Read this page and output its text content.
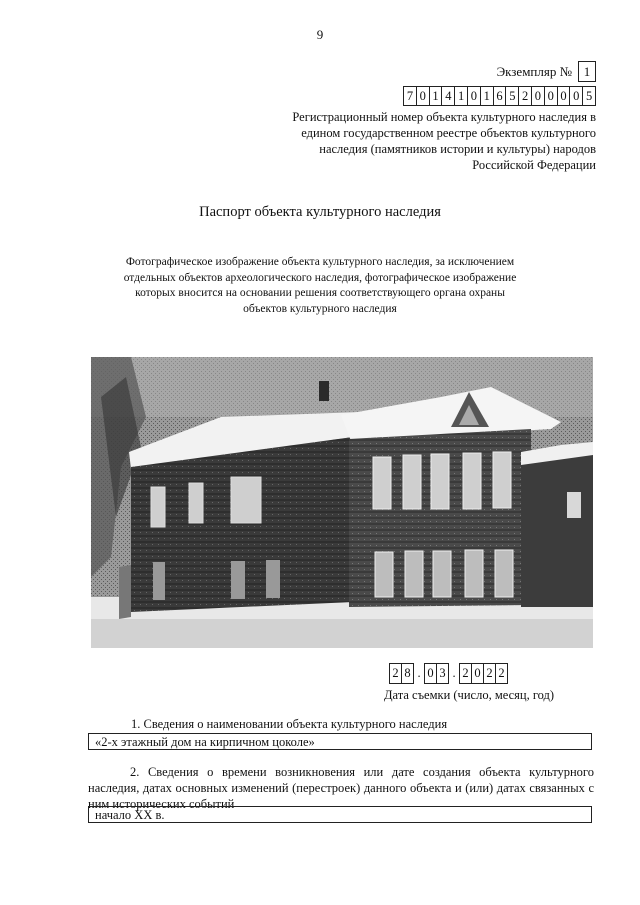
9
Экземпляр № 1
7 0 1 4 1 0 1 6 5 2 0 0 0 0 5
Регистрационный номер объекта культурного наследия в едином государственном реестре объектов культурного наследия (памятников истории и культуры) народов Российской Федерации
Паспорт объекта культурного наследия
Фотографическое изображение объекта культурного наследия, за исключением отдельных объектов археологического наследия, фотографическое изображение которых вносится на основании решения соответствующего органа охраны объектов культурного наследия
2 8 . 0 3 . 2 0 2 2
Дата съемки (число, месяц, год)
1. Сведения о наименовании объекта культурного наследия
«2-х этажный дом на кирпичном цоколе»
2. Сведения о времени возникновения или дате создания объекта культурного наследия, датах основных изменений (перестроек) данного объекта и (или) датах связанных с ним исторических событий
начало XX в.
